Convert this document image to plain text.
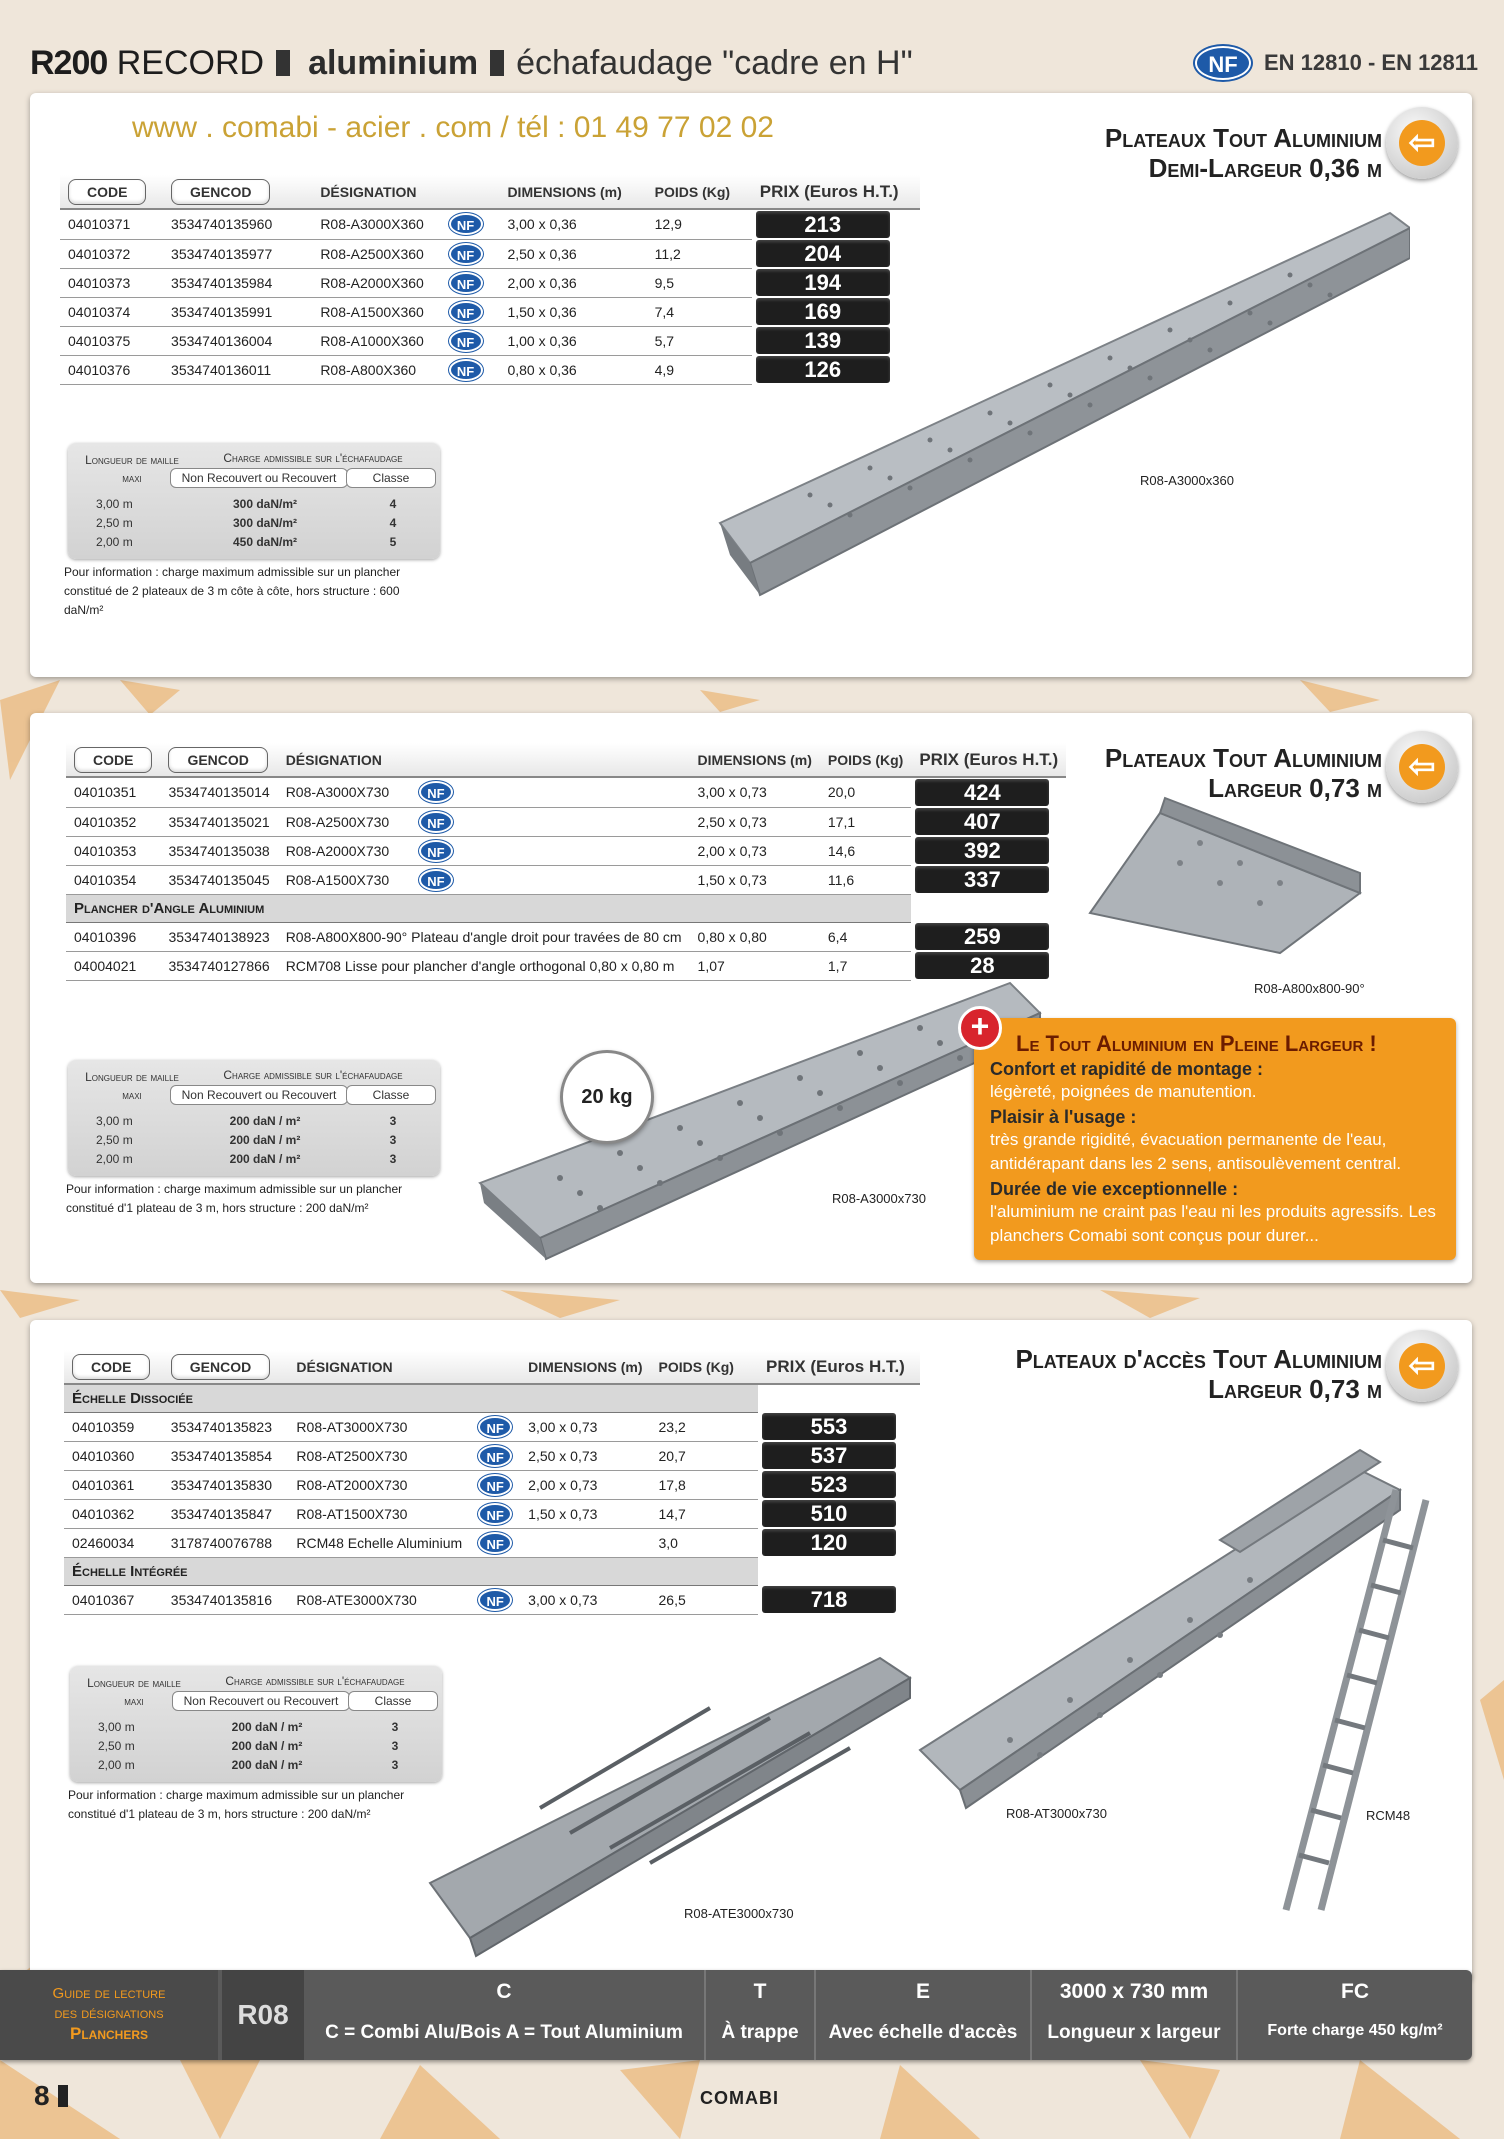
R200 RECORD aluminium échafaudage "cadre en H"	NF	EN 12810 - EN 12811
www . comabi - acier . com / tél : 01 49 77 02 02	Plateaux Tout Aluminium
Demi-Largeur 0,36 m
⇦
CODE	GENCOD	DÉSIGNATION		DIMENSIONS (m)	POIDS (Kg)	PRIX (Euros H.T.)
04010371	3534740135960	R08-A3000X360	NF	3,00 x 0,36	12,9	213

04010372	3534740135977	R08-A2500X360	NF	2,50 x 0,36	11,2	204

04010373	3534740135984	R08-A2000X360	NF	2,00 x 0,36	9,5	194

04010374	3534740135991	R08-A1500X360	NF	1,50 x 0,36	7,4	169

04010375	3534740136004	R08-A1000X360	NF	1,00 x 0,36	5,7	139

04010376	3534740136011	R08-A800X360	NF	0,80 x 0,36	4,9	126
Longueur de maille maxi
Charge admissible sur l'échafaudage
Non Recouvert ou Recouvert	Classe
3,00 m	300 daN/m²	4
2,50 m	300 daN/m²	4
2,00 m	450 daN/m²	5
Pour information : charge maximum admissible sur un plancher constitué de 2 plateaux de 3 m côte à côte, hors structure : 600 daN/m²
R08-A3000x360
Plateaux Tout Aluminium
Largeur 0,73 m
⇦
CODE	GENCOD	DÉSIGNATION		DIMENSIONS (m)	POIDS (Kg)	PRIX (Euros H.T.)
04010351	3534740135014	R08-A3000X730	NF	3,00 x 0,73	20,0	424

04010352	3534740135021	R08-A2500X730	NF	2,50 x 0,73	17,1	407

04010353	3534740135038	R08-A2000X730	NF	2,00 x 0,73	14,6	392

04010354	3534740135045	R08-A1500X730	NF	1,50 x 0,73	11,6	337

Plancher d'Angle Aluminium						
04010396	3534740138923	R08-A800X800-90° Plateau d'angle droit pour travées de 80 cm		0,80 x 0,80	6,4	259

04004021	3534740127866	RCM708 Lisse pour plancher d'angle orthogonal 0,80 x 0,80 m		1,07	1,7	28
Longueur de maille maxi
Charge admissible sur l'échafaudage
Non Recouvert ou Recouvert	Classe
3,00 m	200 daN / m²	3
2,50 m	200 daN / m²	3
2,00 m	200 daN / m²	3
Pour information : charge maximum admissible sur un plancher constitué d'1 plateau de 3 m, hors structure : 200 daN/m²
20 kg
R08-A3000x730
R08-A800x800-90°
+	Le Tout Aluminium en Pleine Largeur !
Confort et rapidité de montage :
légèreté, poignées de manutention.
Plaisir à l'usage :
très grande rigidité, évacuation permanente de l'eau, antidérapant dans les 2 sens, antisoulèvement central.
Durée de vie exceptionnelle :
l'aluminium ne craint pas l'eau ni les produits agressifs. Les planchers Comabi sont conçus pour durer...
Plateaux d'accès Tout Aluminium
Largeur 0,73 m
⇦
CODE	GENCOD	DÉSIGNATION		DIMENSIONS (m)	POIDS (Kg)	PRIX (Euros H.T.)
Échelle Dissociée						
04010359	3534740135823	R08-AT3000X730	NF	3,00 x 0,73	23,2	553

04010360	3534740135854	R08-AT2500X730	NF	2,50 x 0,73	20,7	537

04010361	3534740135830	R08-AT2000X730	NF	2,00 x 0,73	17,8	523

04010362	3534740135847	R08-AT1500X730	NF	1,50 x 0,73	14,7	510

02460034	3178740076788	RCM48 Echelle Aluminium	NF		3,0	120

Échelle Intégrée						
04010367	3534740135816	R08-ATE3000X730	NF	3,00 x 0,73	26,5	718
Longueur de maille maxi
Charge admissible sur l'échafaudage
Non Recouvert ou Recouvert	Classe
3,00 m	200 daN / m²	3
2,50 m	200 daN / m²	3
2,00 m	200 daN / m²	3
Pour information : charge maximum admissible sur un plancher constitué d'1 plateau de 3 m, hors structure : 200 daN/m²
R08-ATE3000x730
R08-AT3000x730	RCM48
Guide de lecture
des désignations
Planchers
R08
C
C = Combi Alu/Bois A = Tout Aluminium
T
À trappe
E
Avec échelle d'accès
3000 x 730 mm
Longueur x largeur
FC
Forte charge 450 kg/m²
8	COMABI
